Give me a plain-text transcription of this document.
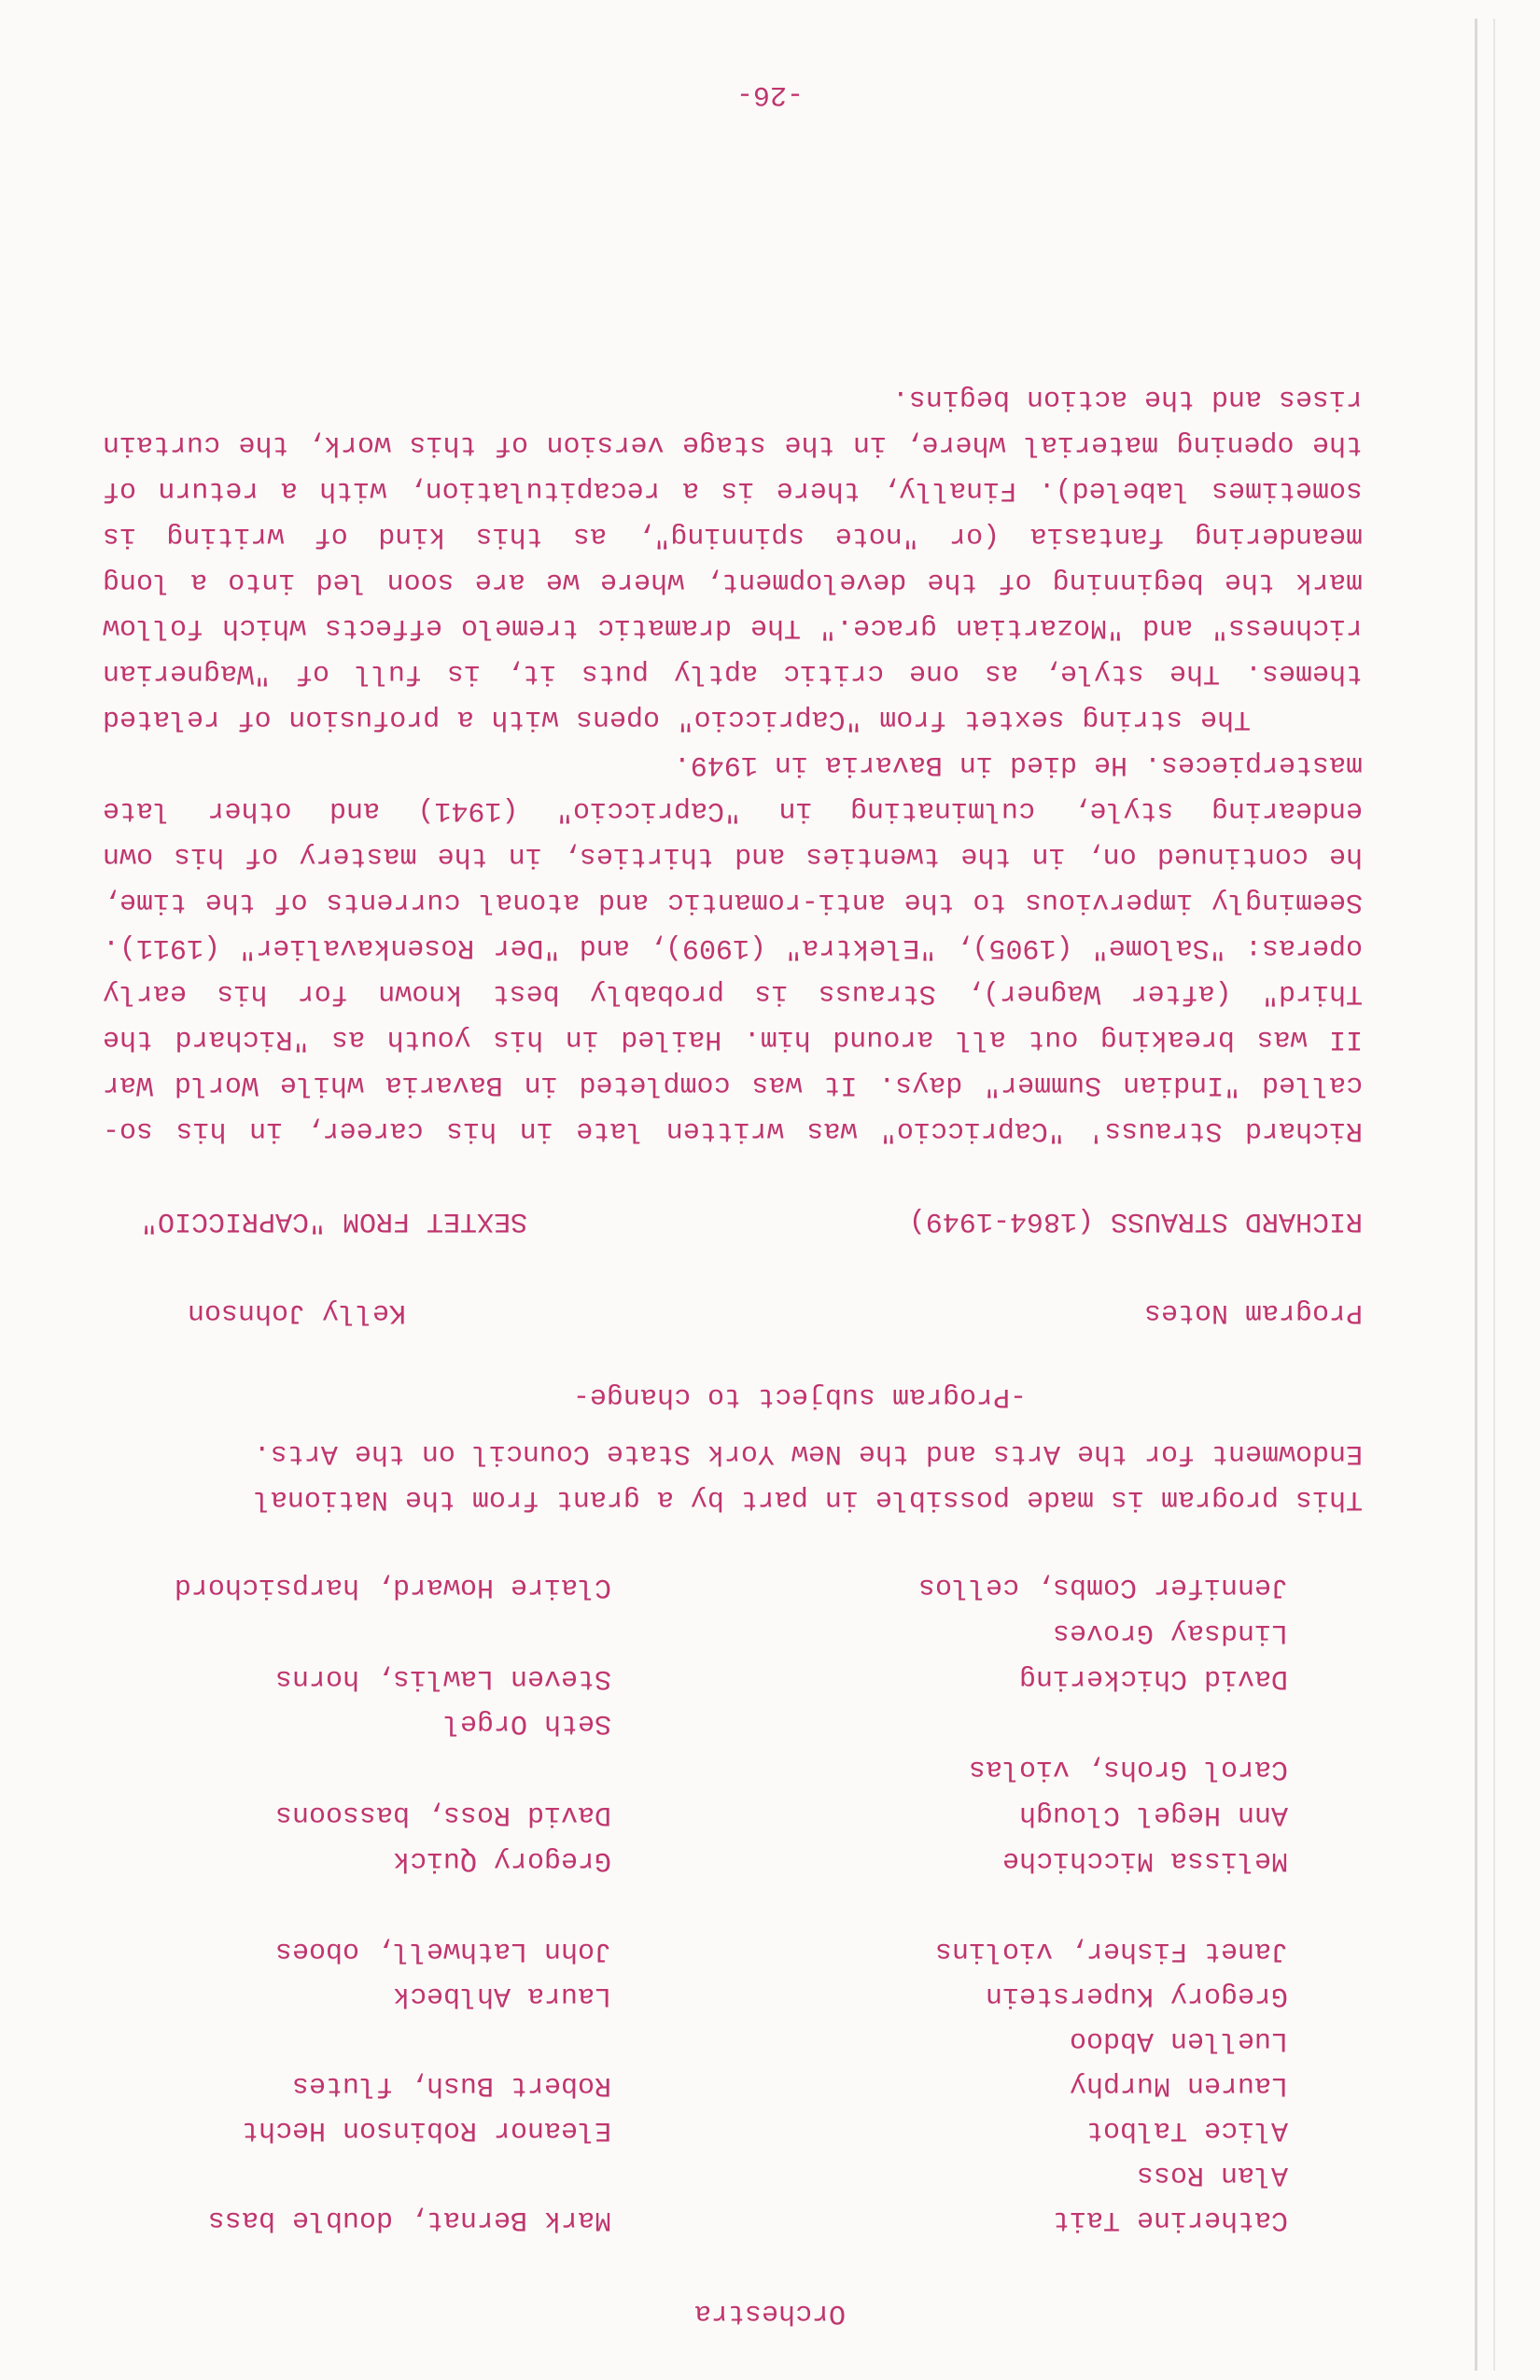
Orchestra
Catherine Tait
Alan Ross
Alice Talbot
Lauren Murphy
Luellen Abdoo
Gregory Kuperstein
Janet Fisher, violins
Melissa Micchiche
Ann Hegel Clough
Carol Grohs, violas
David Chickering
Lindsay Groves
Jennifer Combs, cellos
Mark Bernat, double bass
Eleanor Robinson Hecht
Robert Bush, flutes
Laura Ahlbeck
John Lathwell, oboes
Gregory Quick
David Ross, bassoons
Seth Orgel
Steven Lawlis, horns
Claire Howard, harpsichord
This program is made possible in part by a grant from the National
Endowment for the Arts and the New York State Council on the Arts.
-Program subject to change-
Program Notes
Kelly Johnson
RICHARD STRAUSS (1864-1949)
SEXTET FROM "CAPRICCIO"

Richard Strauss' "Capriccio" was written late in his career, in his so-called "Indian Summer" days. It was completed in Bavaria while World War II was breaking out all around him. Hailed in his youth as "Richard the Third" (after Wagner), Strauss is probably best known for his early operas: "Salome" (1905), "Elektra" (1909), and "Der Rosenkavalier" (1911). Seemingly impervious to the anti-romantic and atonal currents of the time, he continued on, in the twenties and thirties, in the mastery of his own endearing style, culminating in "Capriccio" (1941) and other late masterpieces. He died in Bavaria in 1949.

The string sextet from "Capriccio" opens with a profusion of related themes. The style, as one critic aptly puts it, is full of "Wagnerian richness" and "Mozartian grace." The dramatic tremelo effects which follow mark the beginning of the development, where we are soon led into a long meandering fantasia (or "note spinning", as this kind of writing is sometimes labeled). Finally, there is a recapitulation, with a return of the opening material where, in the stage version of this work, the curtain rises and the action begins.

-26-
